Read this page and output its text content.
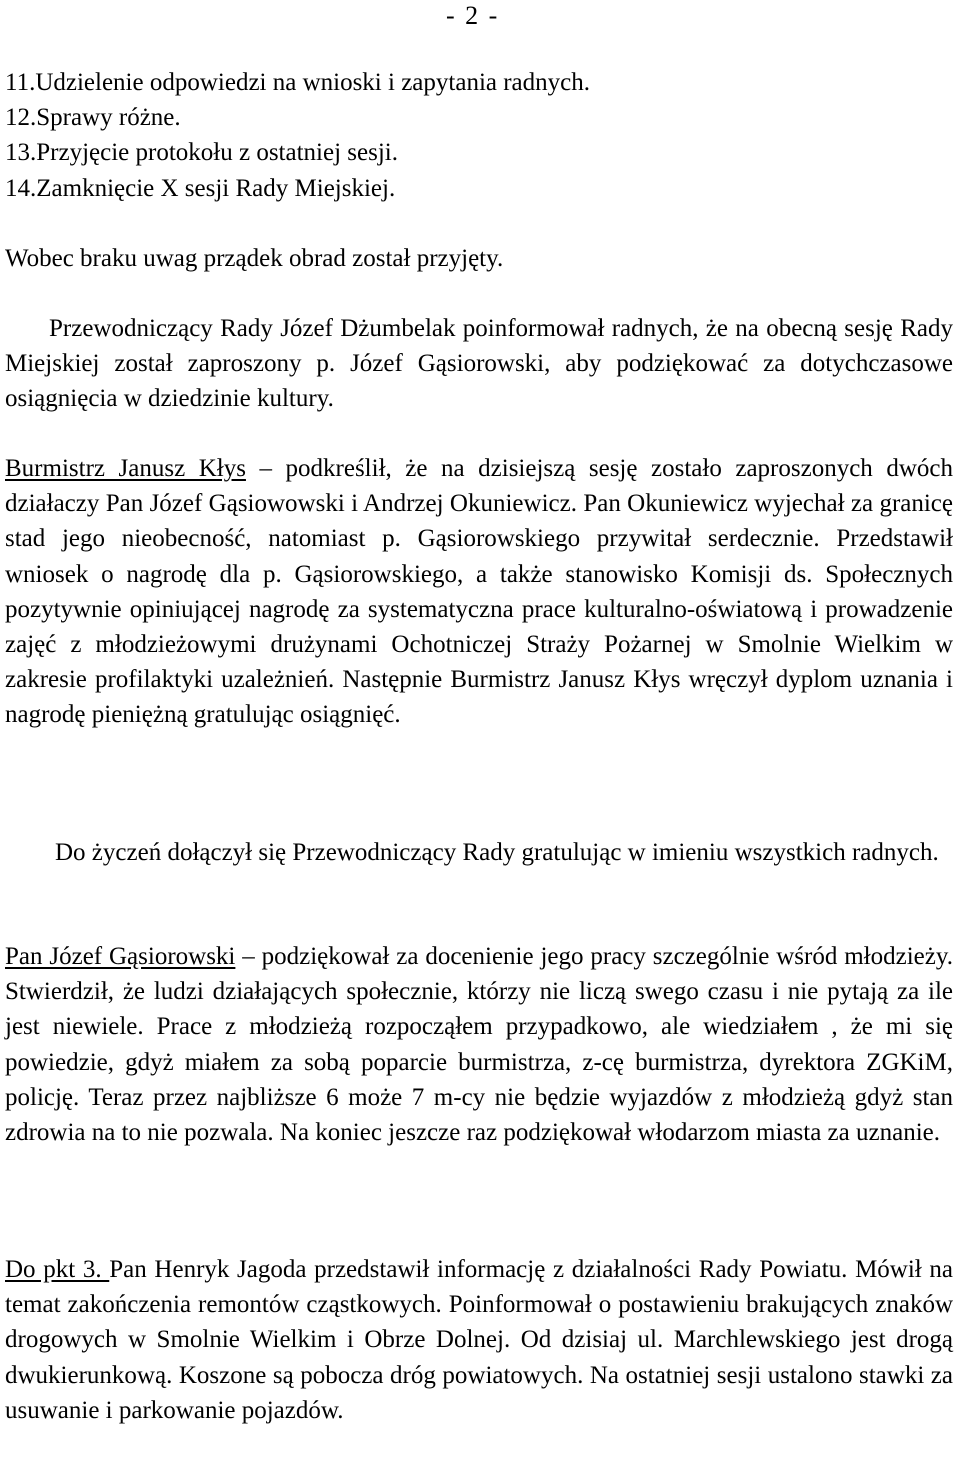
- 2 -
11.Udzielenie odpowiedzi na wnioski i zapytania radnych.
12.Sprawy różne.
13.Przyjęcie protokołu z ostatniej sesji.
14.Zamknięcie X sesji Rady Miejskiej.

Wobec braku uwag prządek obrad został przyjęty.

Przewodniczący Rady Józef Dżumbelak poinformował radnych, że na obecną sesję Rady Miejskiej został zaproszony p. Józef Gąsiorowski, aby podziękować za dotychczasowe osiągnięcia w dziedzinie kultury.

Burmistrz Janusz Kłys – podkreślił, że na dzisiejszą sesję zostało zaproszonych dwóch działaczy Pan Józef Gąsiowowski i Andrzej Okuniewicz. Pan Okuniewicz wyjechał za granicę stad jego nieobecność, natomiast p. Gąsiorowskiego przywitał serdecznie. Przedstawił wniosek o nagrodę dla p. Gąsiorowskiego, a także stanowisko Komisji ds. Społecznych pozytywnie opiniującej nagrodę za systematyczna prace kulturalno-oświatową i prowadzenie zajęć z młodzieżowymi drużynami Ochotniczej Straży Pożarnej w Smolnie Wielkim w zakresie profilaktyki uzależnień. Następnie Burmistrz Janusz Kłys wręczył dyplom uznania i nagrodę pieniężną gratulując osiągnięć.

Do życzeń dołączył się Przewodniczący Rady gratulując w imieniu wszystkich radnych.

Pan Józef Gąsiorowski – podziękował za docenienie jego pracy szczególnie wśród młodzieży. Stwierdził, że ludzi działających społecznie, którzy nie liczą swego czasu i nie pytają za ile jest niewiele. Prace z młodzieżą rozpocząłem przypadkowo, ale wiedziałem , że mi się powiedzie, gdyż miałem za sobą poparcie burmistrza, z-cę burmistrza, dyrektora ZGKiM, policję. Teraz przez najbliższe 6 może 7 m-cy nie będzie wyjazdów z młodzieżą gdyż stan zdrowia na to nie pozwala. Na koniec jeszcze raz podziękował włodarzom miasta za uznanie.

Do pkt 3. Pan Henryk Jagoda przedstawił informację z działalności Rady Powiatu. Mówił na temat zakończenia remontów cząstkowych. Poinformował o postawieniu brakujących znaków drogowych w Smolnie Wielkim i Obrze Dolnej. Od dzisiaj ul. Marchlewskiego jest drogą dwukierunkową. Koszone są pobocza dróg powiatowych. Na ostatniej sesji ustalono stawki za usuwanie i parkowanie pojazdów.
